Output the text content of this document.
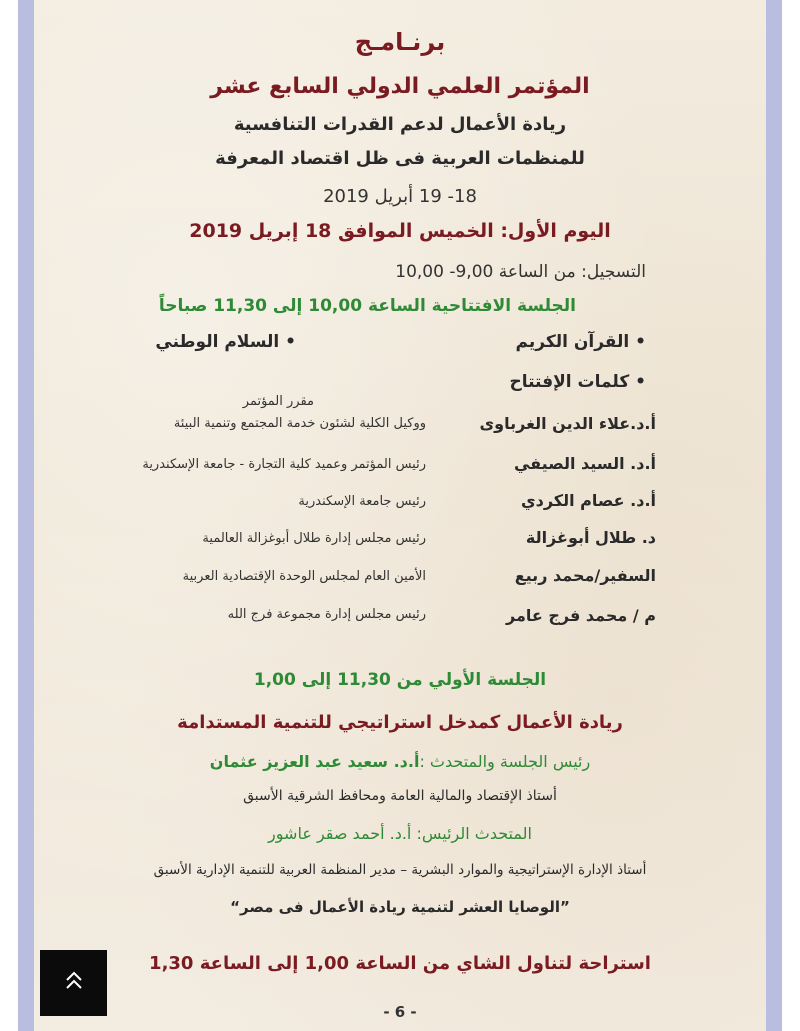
برنـامـج
المؤتمر العلمي الدولي السابع عشر
ريادة الأعمال لدعم القدرات التنافسية
للمنظمات العربية فى ظل اقتصاد المعرفة
18- 19 أبريل 2019
اليوم الأول: الخميس الموافق 18 إبريل 2019
التسجيل: من الساعة 9,00- 10,00
الجلسة الافتتاحية الساعة 10,00 إلى 11,30 صباحاً
• القرآن الكريم
• السلام الوطني
• كلمات الإفتتاح
مقرر المؤتمر
أ.د.علاء الدين الغرباوى
ووكيل الكلية لشئون خدمة المجتمع وتنمية البيئة
أ.د. السيد الصيفي
رئيس المؤتمر وعميد كلية التجارة - جامعة الإسكندرية
أ.د. عصام الكردي
رئيس جامعة الإسكندرية
د. طلال أبوغزالة
رئيس مجلس إدارة طلال أبوغزالة العالمية
السفير/محمد ربيع
الأمين العام لمجلس الوحدة الإقتصادية العربية
م / محمد فرج عامر
رئيس مجلس إدارة مجموعة فرج الله
الجلسة الأولي من 11,30 إلى 1,00
ريادة الأعمال كمدخل استراتيجي للتنمية المستدامة
رئيس الجلسة والمتحدث :أ.د. سعيد عبد العزيز عثمان
أستاذ الإقتصاد والمالية العامة ومحافظ الشرقية الأسبق
المتحدث الرئيس: أ.د. أحمد صقر عاشور
أستاذ الإدارة الإستراتيجية والموارد البشرية – مدير المنظمة العربية للتنمية الإدارية الأسبق
”الوصايا العشر لتنمية ريادة الأعمال فى مصر“
استراحة لتناول الشاي من الساعة 1,00 إلى الساعة 1,30
- 6 -
